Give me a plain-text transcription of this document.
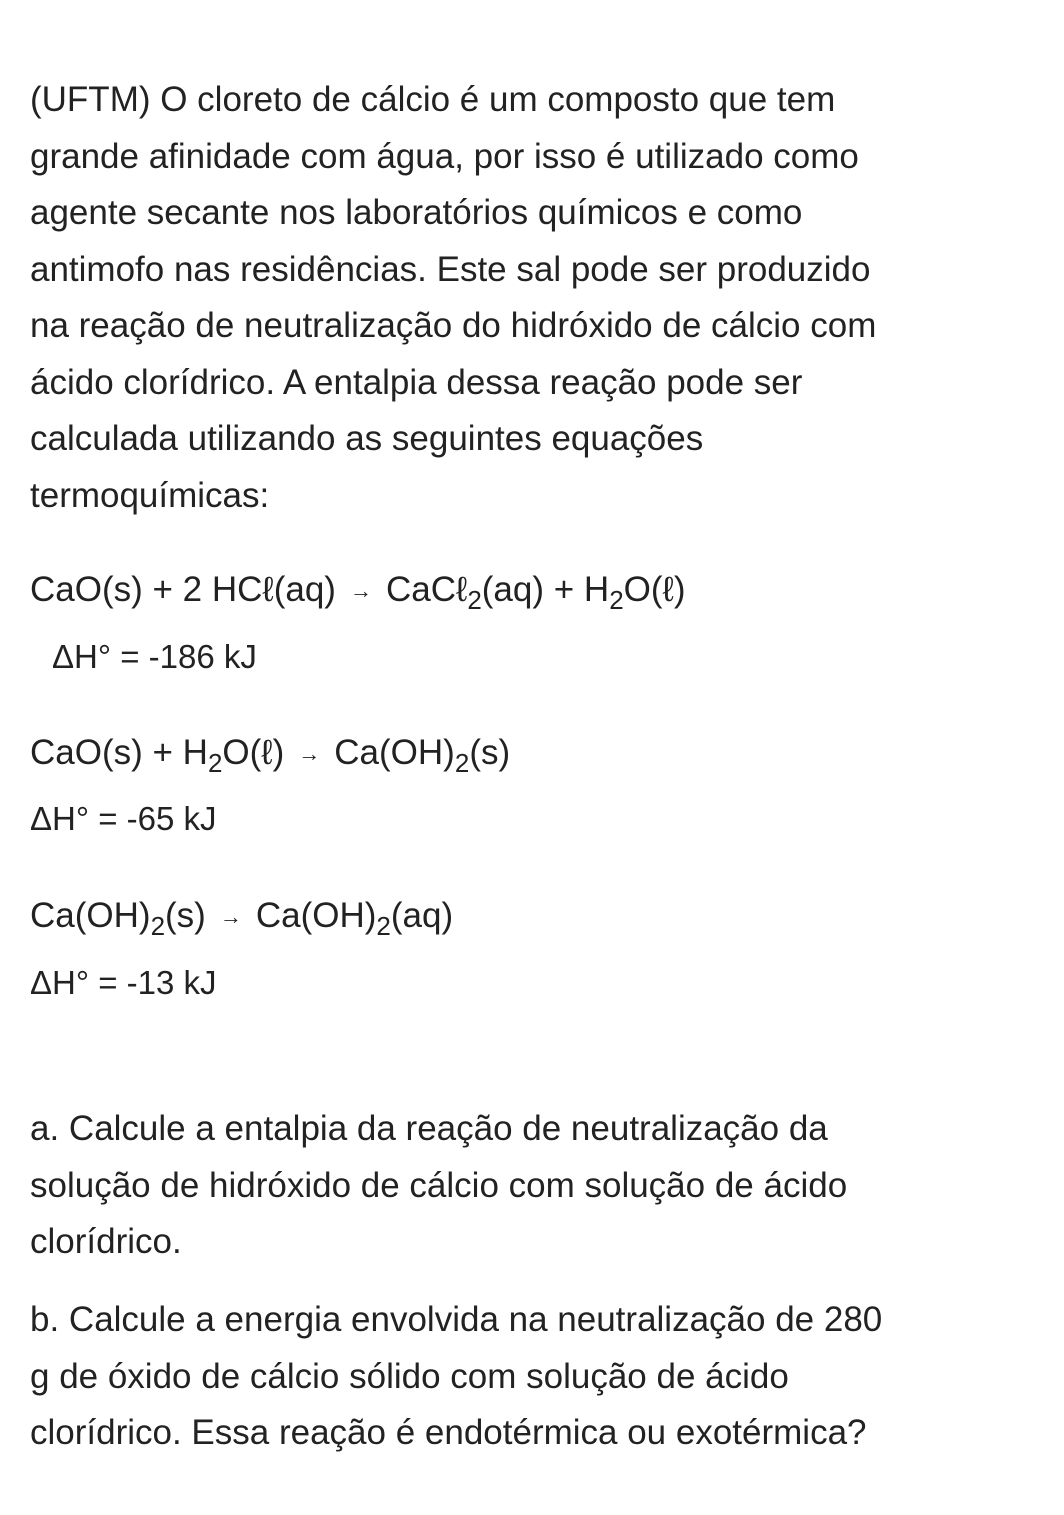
(UFTM) O cloreto de cálcio é um composto que tem

grande afinidade com água, por isso é utilizado como

agente secante nos laboratórios químicos e como

antimofo nas residências. Este sal pode ser produzido

na reação de neutralização do hidróxido de cálcio com

ácido clorídrico. A entalpia dessa reação pode ser

calculada utilizando as seguintes equações

termoquímicas:

CaO(s) + 2 HCℓ(aq) → CaCℓ$_2$(aq) + $H_2O(\ell)$
ΔH° = -186 kJ
$CaO(s) + H_2O(\ell) \to Ca(OH)_2(s)$
ΔH° = -65 kJ
$Ca(OH)_2(s) \to Ca(OH)_2(aq)$
ΔH° = -13 kJ

a. Calcule a entalpia da reação de neutralização da

solução de hidróxido de cálcio com solução de ácido

clorídrico.

b. Calcule a energia envolvida na neutralização de 280

g de óxido de cálcio sólido com solução de ácido

clorídrico. Essa reação é endotérmica ou exotérmica?
